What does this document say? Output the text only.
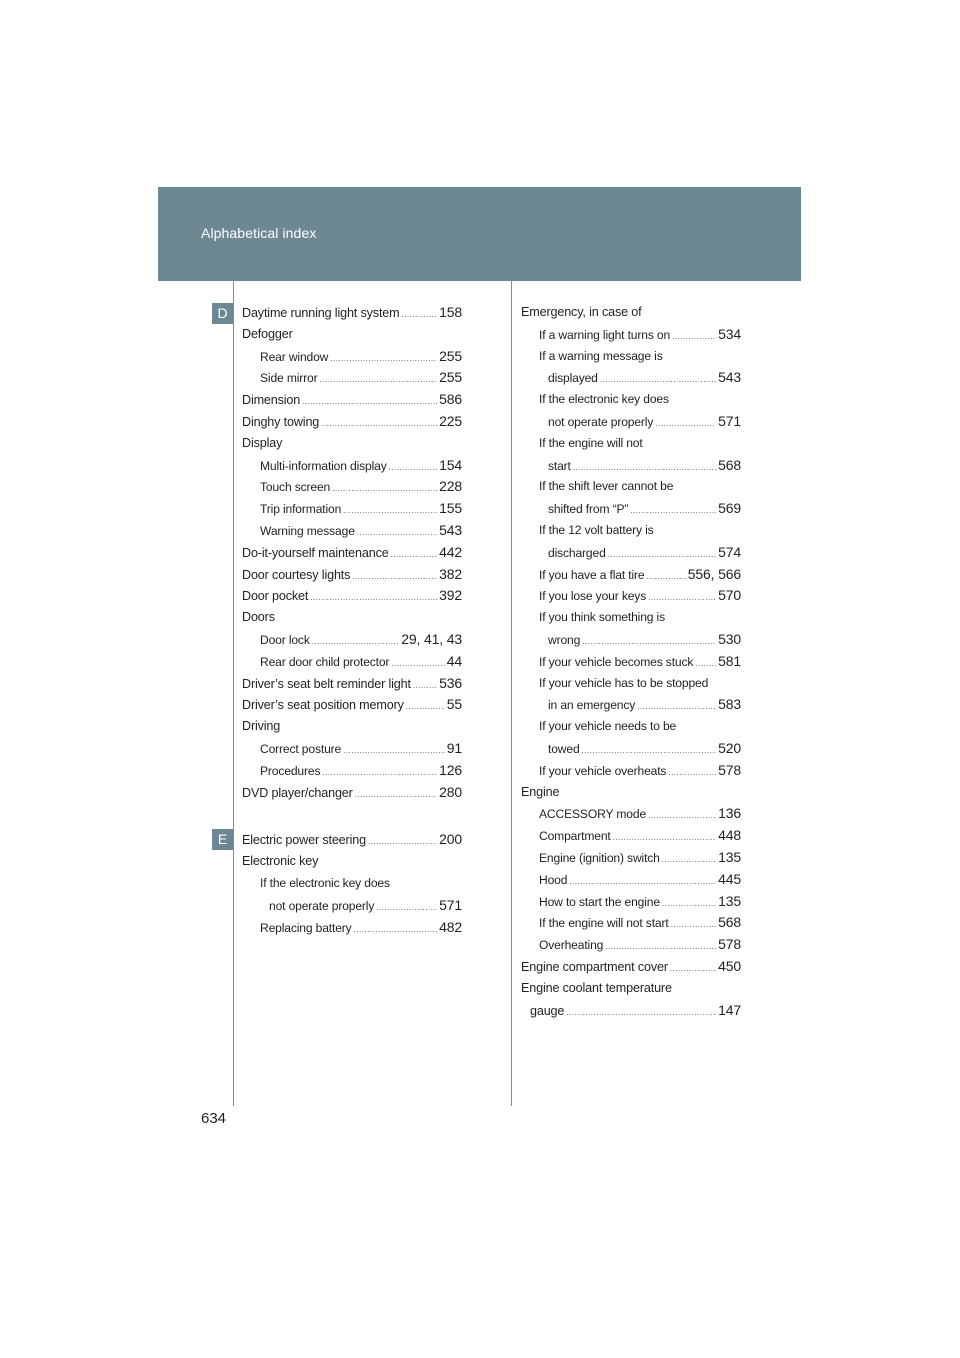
Alphabetical index
D
E
Daytime running light system .....	158
Defogger
Rear window .....	255
Side mirror .....	255
Dimension .....	586
Dinghy towing .....	225
Display
Multi-information display .....	154
Touch screen .....	228
Trip information .....	155
Warning message .....	543
Do-it-yourself maintenance .....	442
Door courtesy lights .....	382
Door pocket .....	392
Doors
Door lock .....	29, 41, 43
Rear door child protector .....	44
Driver’s seat belt reminder light ..... 536
Driver’s seat position memory .....	55
Driving
Correct posture .....	91
Procedures .....	126
DVD player/changer .....	280
Electric power steering .....	200
Electronic key
If the electronic key does
not operate properly .....	571
Replacing battery .....	482
Emergency, in case of
If a warning light turns on .....	534
If a warning message is
displayed .....	543
If the electronic key does
not operate properly .....	571
If the engine will not
start .....	568
If the shift lever cannot be
shifted from “P” .....	569
If the 12 volt battery is
discharged .....	574
If you have a flat tire .....	556, 566
If you lose your keys .....	570
If you think something is
wrong .....	530
If your vehicle becomes stuck ..... 581
If your vehicle has to be stopped
in an emergency .....	583
If your vehicle needs to be
towed .....	520
If your vehicle overheats .....	578
Engine
ACCESSORY mode .....	136
Compartment .....	448
Engine (ignition) switch .....	135
Hood .....	445
How to start the engine .....	135
If the engine will not start .....	568
Overheating .....	578
Engine compartment cover .....	450
Engine coolant temperature
gauge .....	147
634
